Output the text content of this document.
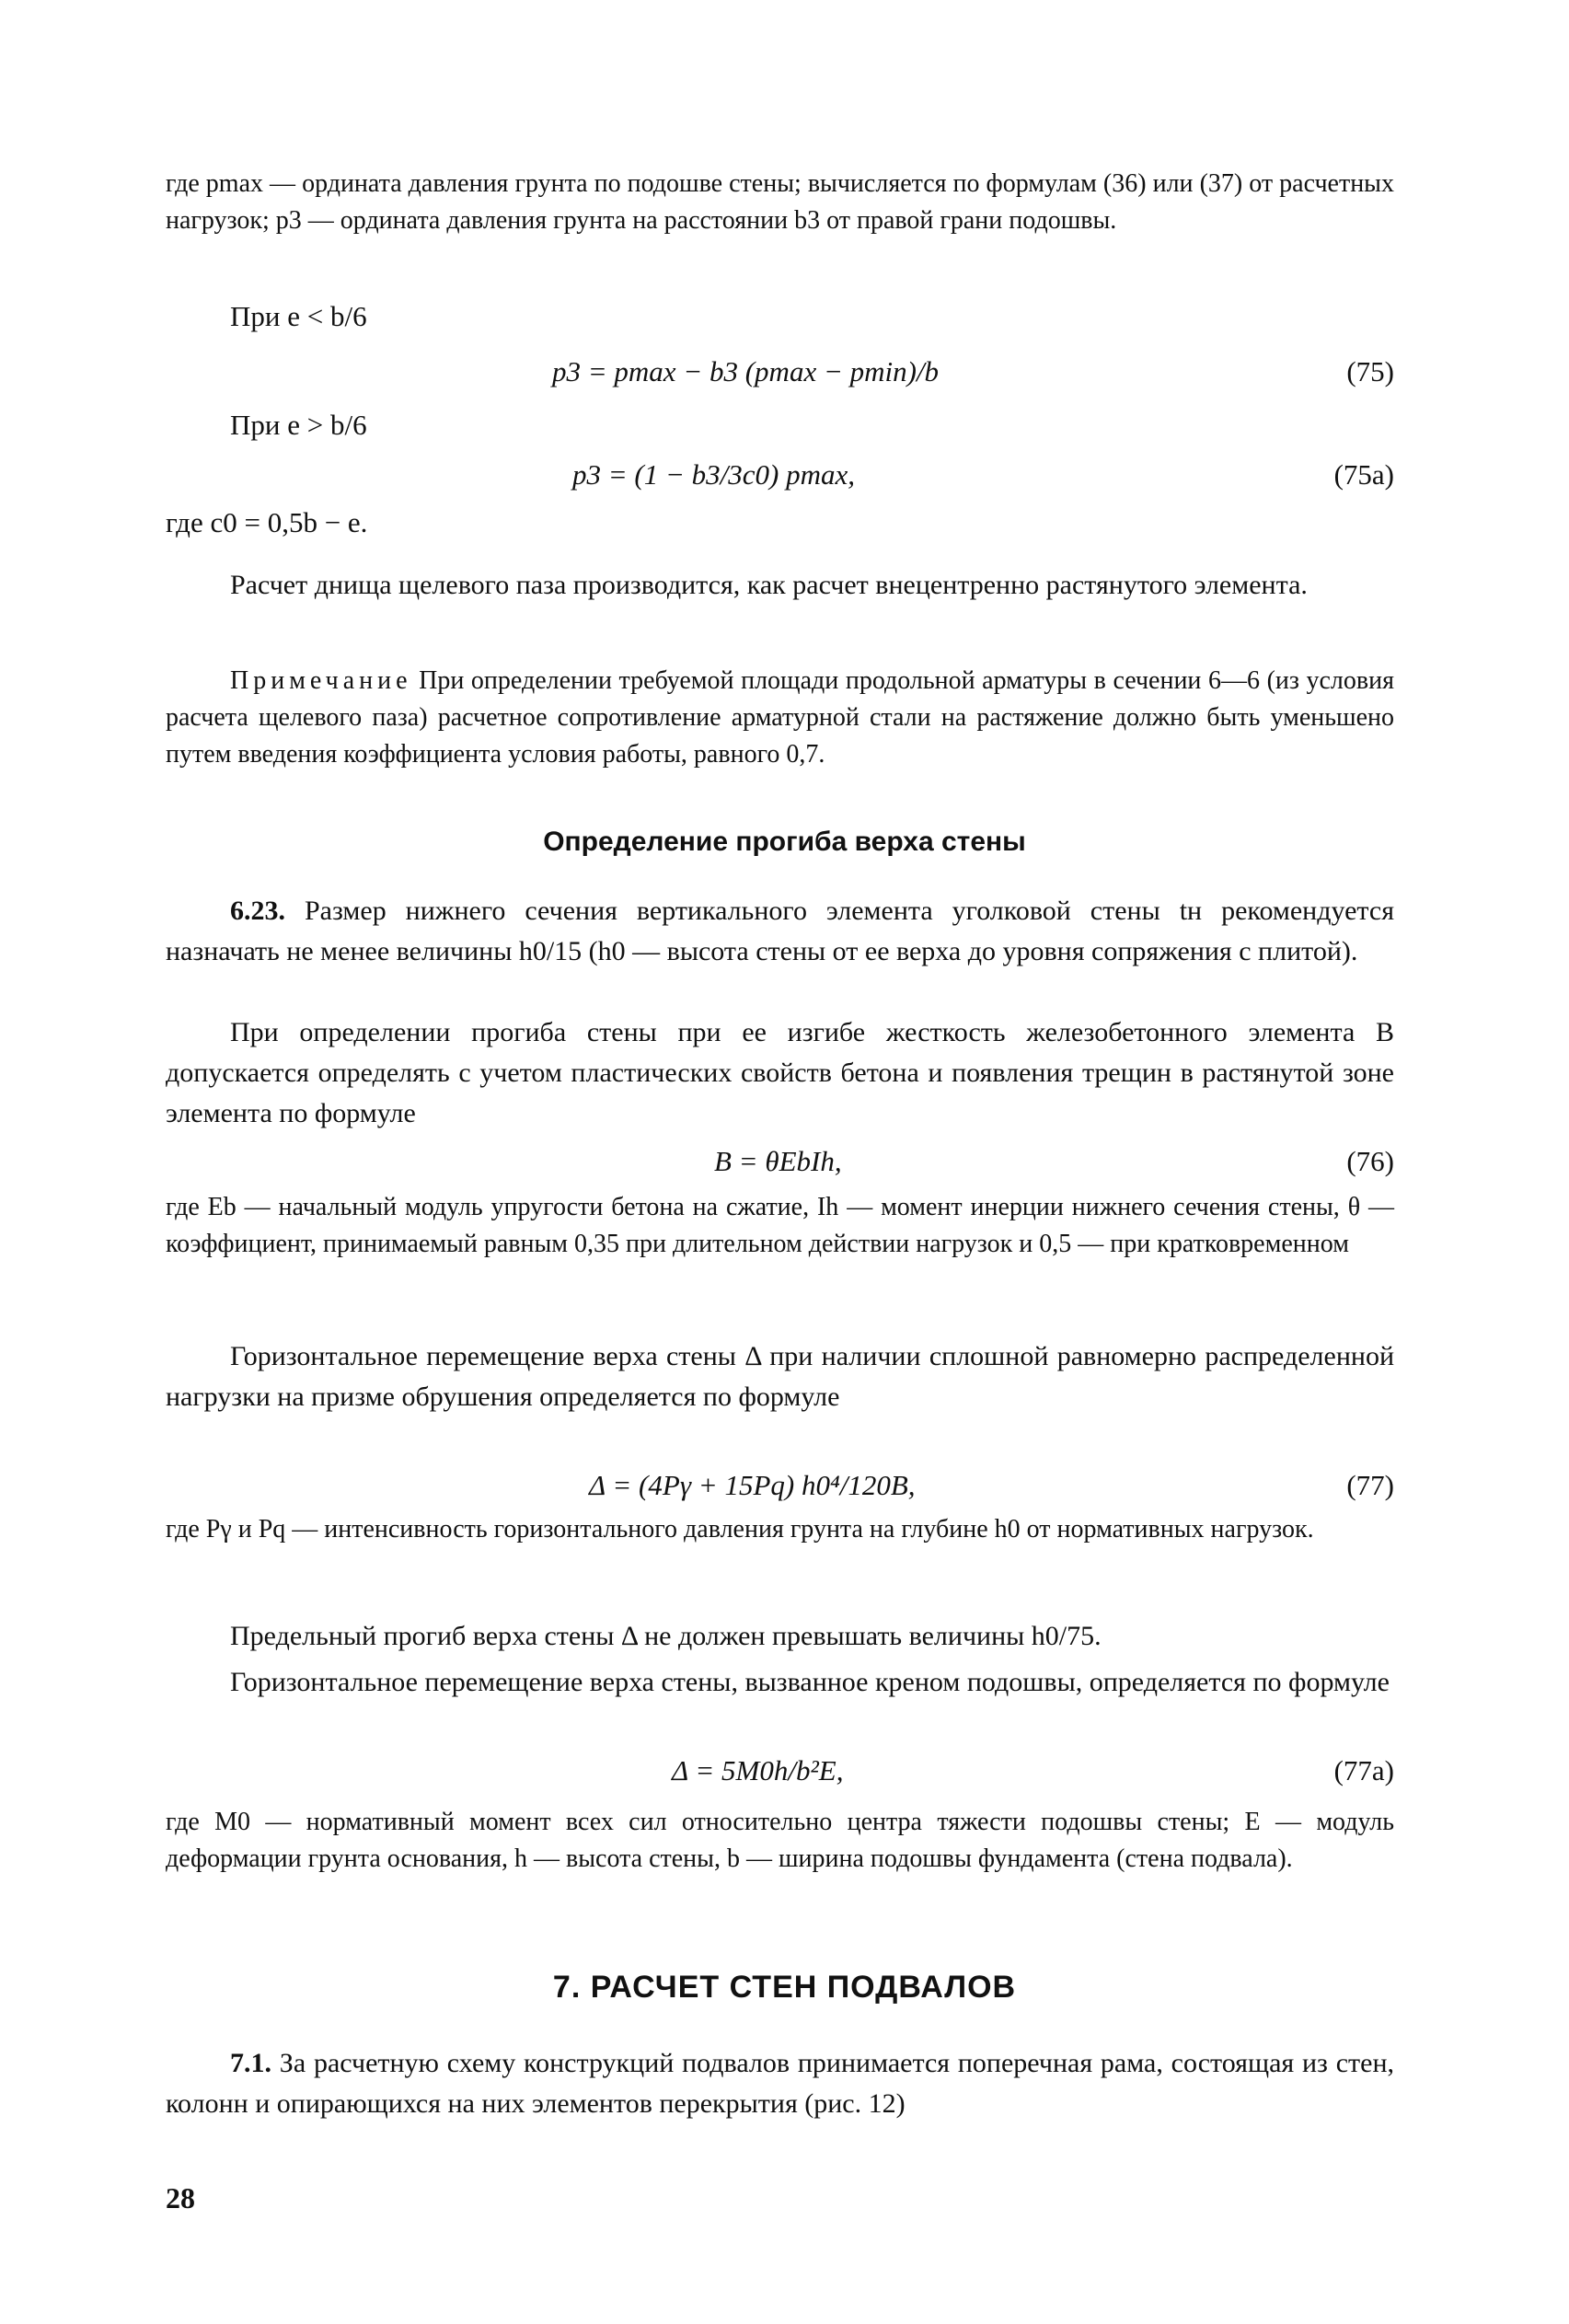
где pmax — ордината давления грунта по подошве стены; вычисляется по формулам (36) или (37) от расчетных нагрузок; p3 — ордината давления грунта на расстоянии b3 от правой грани подошвы.

При e < b/6
p3 = pmax − b3 (pmax − pmin)/b	(75)
При e > b/6
p3 = (1 − b3/3c0) pmax,	(75a)
где c0 = 0,5b − e.

Расчет днища щелевого паза производится, как расчет внецентренно растянутого элемента.

Примечание При определении требуемой площади продольной арматуры в сечении 6—6 (из условия расчета щелевого паза) расчетное сопротивление арматурной стали на растяжение должно быть уменьшено путем введения коэффициента условия работы, равного 0,7.

Определение прогиба верха стены

6.23. Размер нижнего сечения вертикального элемента уголковой стены tн рекомендуется назначать не менее величины h0/15 (h0 — высота стены от ее верха до уровня сопряжения с плитой).

При определении прогиба стены при ее изгибе жесткость железобетонного элемента B допускается определять с учетом пластических свойств бетона и появления трещин в растянутой зоне элемента по формуле

B = θEbIh,	(76)

где Eb — начальный модуль упругости бетона на сжатие, Ih — момент инерции нижнего сечения стены, θ — коэффициент, принимаемый равным 0,35 при длительном действии нагрузок и 0,5 — при кратковременном

Горизонтальное перемещение верха стены Δ при наличии сплошной равномерно распределенной нагрузки на призме обрушения определяется по формуле

Δ = (4Pγ + 15Pq) h0⁴/120B,	(77)

где Pγ и Pq — интенсивность горизонтального давления грунта на глубине h0 от нормативных нагрузок.

Предельный прогиб верха стены Δ не должен превышать величины h0/75.

Горизонтальное перемещение верха стены, вызванное креном подошвы, определяется по формуле

Δ = 5M0h/b²E,	(77a)

где M0 — нормативный момент всех сил относительно центра тяжести подошвы стены; E — модуль деформации грунта основания, h — высота стены, b — ширина подошвы фундамента (стена подвала).

7. РАСЧЕТ СТЕН ПОДВАЛОВ

7.1. За расчетную схему конструкций подвалов принимается поперечная рама, состоящая из стен, колонн и опирающихся на них элементов перекрытия (рис. 12)

28
